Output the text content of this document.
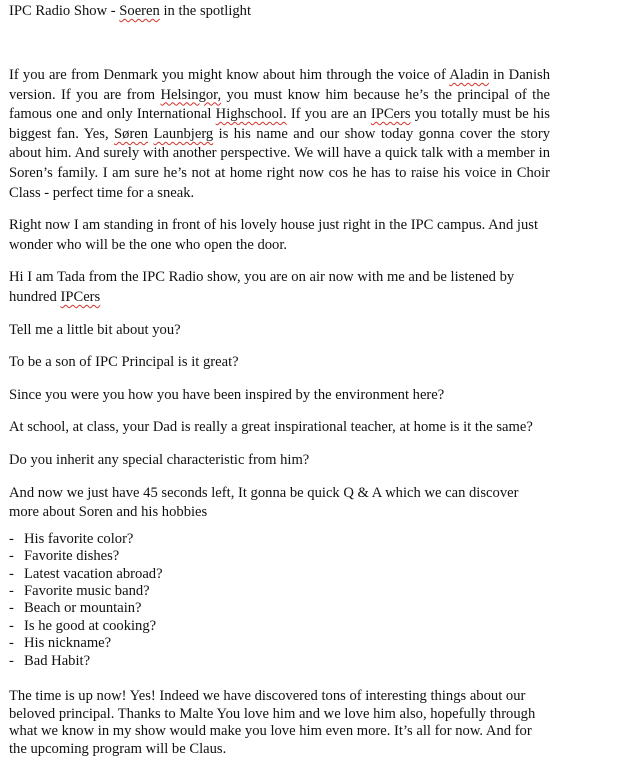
IPC Radio Show - Soeren in the spotlight

If you are from Denmark you might know about him through the voice of Aladin in Danish version. If you are from Helsingor, you must know him because he’s the principal of the famous one and only International Highschool. If you are an IPCers you totally must be his biggest fan. Yes, Søren Launbjerg is his name and our show today gonna cover the story about him. And surely with another perspective. We will have a quick talk with a member in Soren’s family. I am sure he’s not at home right now cos he has to raise his voice in Choir Class - perfect time for a sneak.

Right now I am standing in front of his lovely house just right in the IPC campus. And just wonder who will be the one who open the door.

Hi I am Tada from the IPC Radio show, you are on air now with me and be listened by hundred IPCers

Tell me a little bit about you?

To be a son of IPC Principal is it great?

Since you were you how you have been inspired by the environment here?

At school, at class, your Dad is really a great inspirational teacher, at home is it the same?

Do you inherit any special characteristic from him?

And now we just have 45 seconds left, It gonna be quick Q & A which we can discover more about Soren and his hobbies

- His favorite color?
- Favorite dishes?
- Latest vacation abroad?
- Favorite music band?
- Beach or mountain?
- Is he good at cooking?
- His nickname?
- Bad Habit?

The time is up now! Yes! Indeed we have discovered tons of interesting things about our beloved principal. Thanks to Malte You love him and we love him also, hopefully through what we know in my show would make you love him even more. It’s all for now. And for the upcoming program will be Claus.
